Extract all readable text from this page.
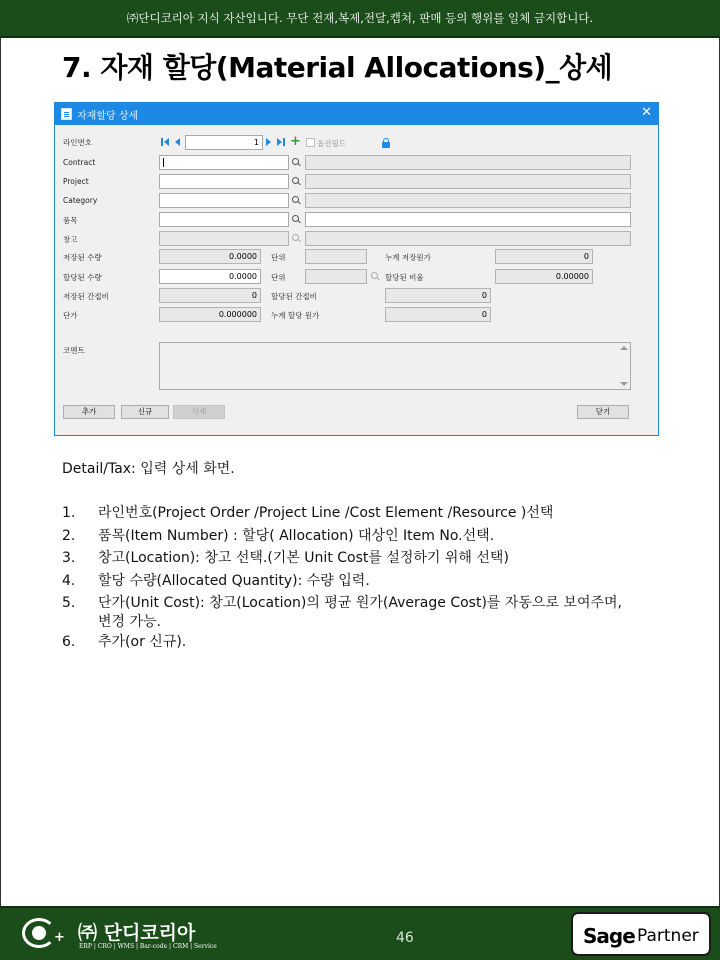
㈜단디코리아 지식 자산입니다. 무단 전재,복제,전달,캡쳐, 판매 등의 행위를 일체 금지합니다.
7. 자재 할당(Material Allocations)_상세
자재할당 상세	✕
라인번호	1	+ 옵션필드
Contract
Project
Category
품목
창고
저장된 수량	0.0000	단위	누계 저장원가	0
할당된 수량	0.0000	단위	할당된 비율	0.00000
저장된 간접비	0	할당된 간접비	0
단가	0.000000	누계 할당 원가	0
코멘트
추가	신규	삭제	닫기
Detail/Tax: 입력 상세 화면.
1. 라인번호(Project Order /Project Line /Cost Element /Resource )선택
2. 품목(Item Number) : 할당( Allocation) 대상인 Item No.선택.
3. 창고(Location): 창고 선택.(기본 Unit Cost를 설정하기 위해 선택)
4. 할당 수량(Allocated Quantity): 수량 입력.
5. 단가(Unit Cost): 창고(Location)의 평균 원가(Average Cost)를 자동으로 보여주며,
변경 가능.
6. 추가(or 신규).
+ ㈜ 단디코리아
ERP | CRO | WMS | Bar-code | CRM | Service
46	Sage Partner
